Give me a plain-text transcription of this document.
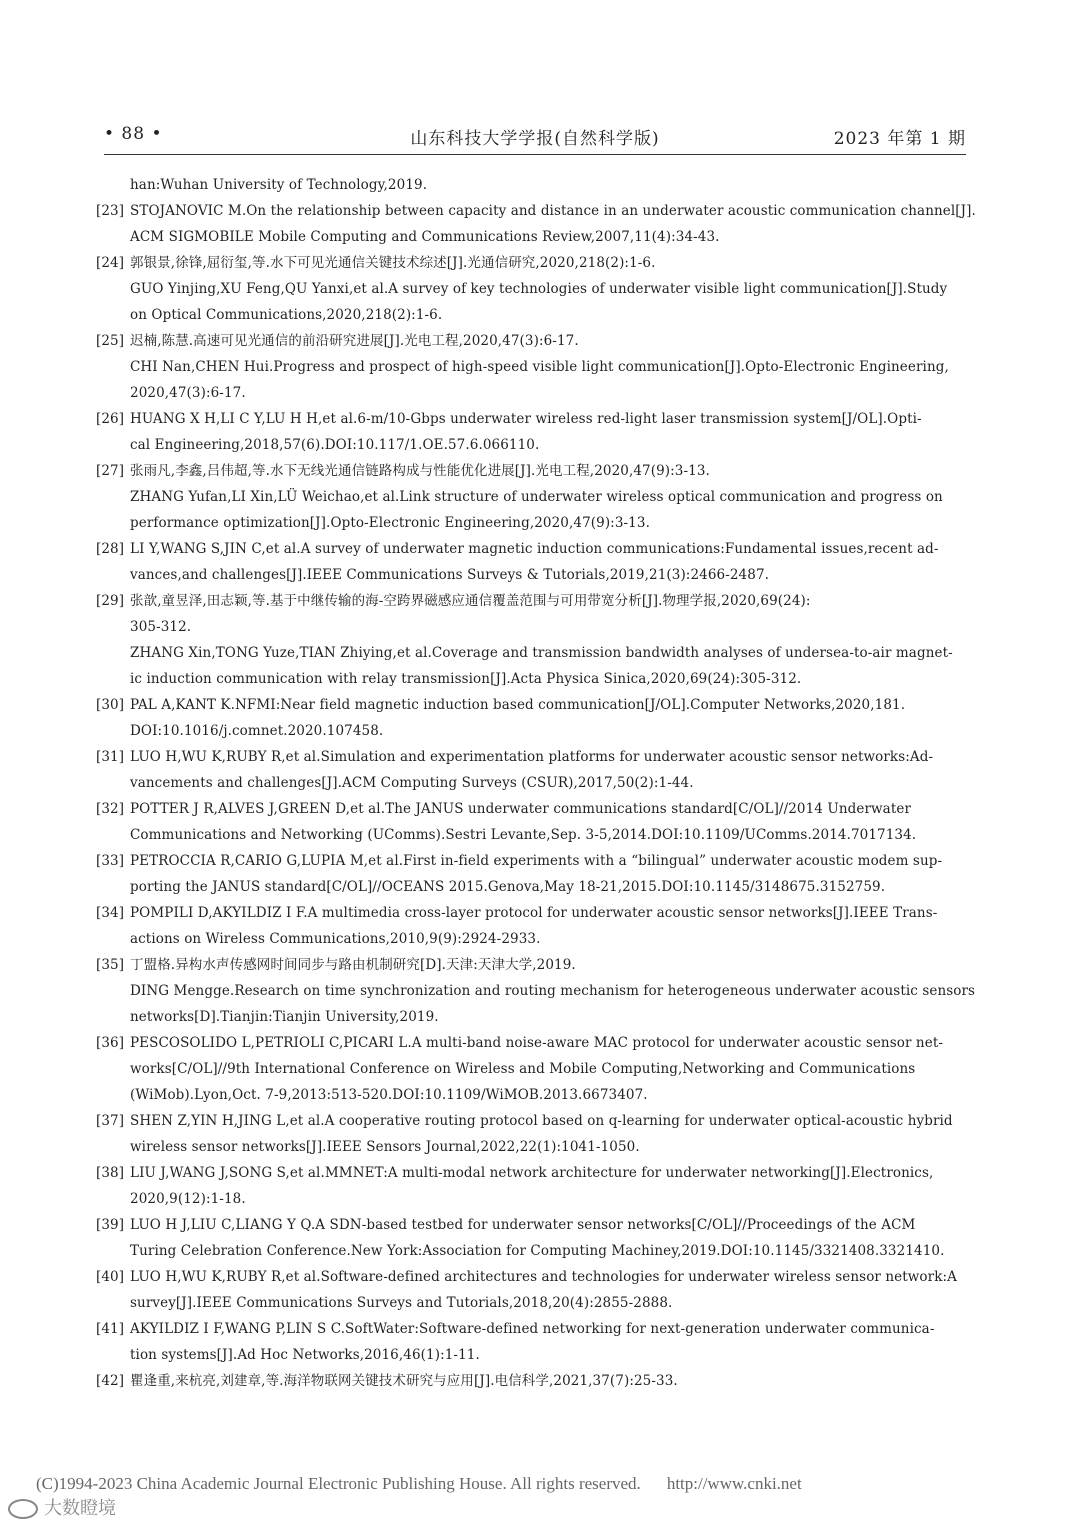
• 88 •	山东科技大学学报(自然科学版)	2023 年第 1 期

han:Wuhan University of Technology,2019.

[23] STOJANOVIC M.On the relationship between capacity and distance in an underwater acoustic communication channel[J].

ACM SIGMOBILE Mobile Computing and Communications Review,2007,11(4):34-43.

[24] 郭银景,徐锋,屈衍玺,等.水下可见光通信关键技术综述[J].光通信研究,2020,218(2):1-6.

GUO Yinjing,XU Feng,QU Yanxi,et al.A survey of key technologies of underwater visible light communication[J].Study

on Optical Communications,2020,218(2):1-6.

[25] 迟楠,陈慧.高速可见光通信的前沿研究进展[J].光电工程,2020,47(3):6-17.

CHI Nan,CHEN Hui.Progress and prospect of high-speed visible light communication[J].Opto-Electronic Engineering,

2020,47(3):6-17.

[26] HUANG X H,LI C Y,LU H H,et al.6-m/10-Gbps underwater wireless red-light laser transmission system[J/OL].Opti-

cal Engineering,2018,57(6).DOI:10.117/1.OE.57.6.066110.

[27] 张雨凡,李鑫,吕伟超,等.水下无线光通信链路构成与性能优化进展[J].光电工程,2020,47(9):3-13.

ZHANG Yufan,LI Xin,LÜ Weichao,et al.Link structure of underwater wireless optical communication and progress on

performance optimization[J].Opto-Electronic Engineering,2020,47(9):3-13.

[28] LI Y,WANG S,JIN C,et al.A survey of underwater magnetic induction communications:Fundamental issues,recent ad-

vances,and challenges[J].IEEE Communications Surveys & Tutorials,2019,21(3):2466-2487.

[29] 张歆,童昱泽,田志颖,等.基于中继传输的海-空跨界磁感应通信覆盖范围与可用带宽分析[J].物理学报,2020,69(24):

305-312.

ZHANG Xin,TONG Yuze,TIAN Zhiying,et al.Coverage and transmission bandwidth analyses of undersea-to-air magnet-

ic induction communication with relay transmission[J].Acta Physica Sinica,2020,69(24):305-312.

[30] PAL A,KANT K.NFMI:Near field magnetic induction based communication[J/OL].Computer Networks,2020,181.

DOI:10.1016/j.comnet.2020.107458.

[31] LUO H,WU K,RUBY R,et al.Simulation and experimentation platforms for underwater acoustic sensor networks:Ad-

vancements and challenges[J].ACM Computing Surveys (CSUR),2017,50(2):1-44.

[32] POTTER J R,ALVES J,GREEN D,et al.The JANUS underwater communications standard[C/OL]//2014 Underwater

Communications and Networking (UComms).Sestri Levante,Sep. 3-5,2014.DOI:10.1109/UComms.2014.7017134.

[33] PETROCCIA R,CARIO G,LUPIA M,et al.First in-field experiments with a “bilingual” underwater acoustic modem sup-

porting the JANUS standard[C/OL]//OCEANS 2015.Genova,May 18-21,2015.DOI:10.1145/3148675.3152759.

[34] POMPILI D,AKYILDIZ I F.A multimedia cross-layer protocol for underwater acoustic sensor networks[J].IEEE Trans-

actions on Wireless Communications,2010,9(9):2924-2933.

[35] 丁盟格.异构水声传感网时间同步与路由机制研究[D].天津:天津大学,2019.

DING Mengge.Research on time synchronization and routing mechanism for heterogeneous underwater acoustic sensors

networks[D].Tianjin:Tianjin University,2019.

[36] PESCOSOLIDO L,PETRIOLI C,PICARI L.A multi-band noise-aware MAC protocol for underwater acoustic sensor net-

works[C/OL]//9th International Conference on Wireless and Mobile Computing,Networking and Communications

(WiMob).Lyon,Oct. 7-9,2013:513-520.DOI:10.1109/WiMOB.2013.6673407.

[37] SHEN Z,YIN H,JING L,et al.A cooperative routing protocol based on q-learning for underwater optical-acoustic hybrid

wireless sensor networks[J].IEEE Sensors Journal,2022,22(1):1041-1050.

[38] LIU J,WANG J,SONG S,et al.MMNET:A multi-modal network architecture for underwater networking[J].Electronics,

2020,9(12):1-18.

[39] LUO H J,LIU C,LIANG Y Q.A SDN-based testbed for underwater sensor networks[C/OL]//Proceedings of the ACM

Turing Celebration Conference.New York:Association for Computing Machiney,2019.DOI:10.1145/3321408.3321410.

[40] LUO H,WU K,RUBY R,et al.Software-defined architectures and technologies for underwater wireless sensor network:A

survey[J].IEEE Communications Surveys and Tutorials,2018,20(4):2855-2888.

[41] AKYILDIZ I F,WANG P,LIN S C.SoftWater:Software-defined networking for next-generation underwater communica-

tion systems[J].Ad Hoc Networks,2016,46(1):1-11.

[42] 瞿逢重,来杭亮,刘建章,等.海洋物联网关键技术研究与应用[J].电信科学,2021,37(7):25-33.

(C)1994-2023 China Academic Journal Electronic Publishing House. All rights reserved. http://www.cnki.net
大数瞪境
